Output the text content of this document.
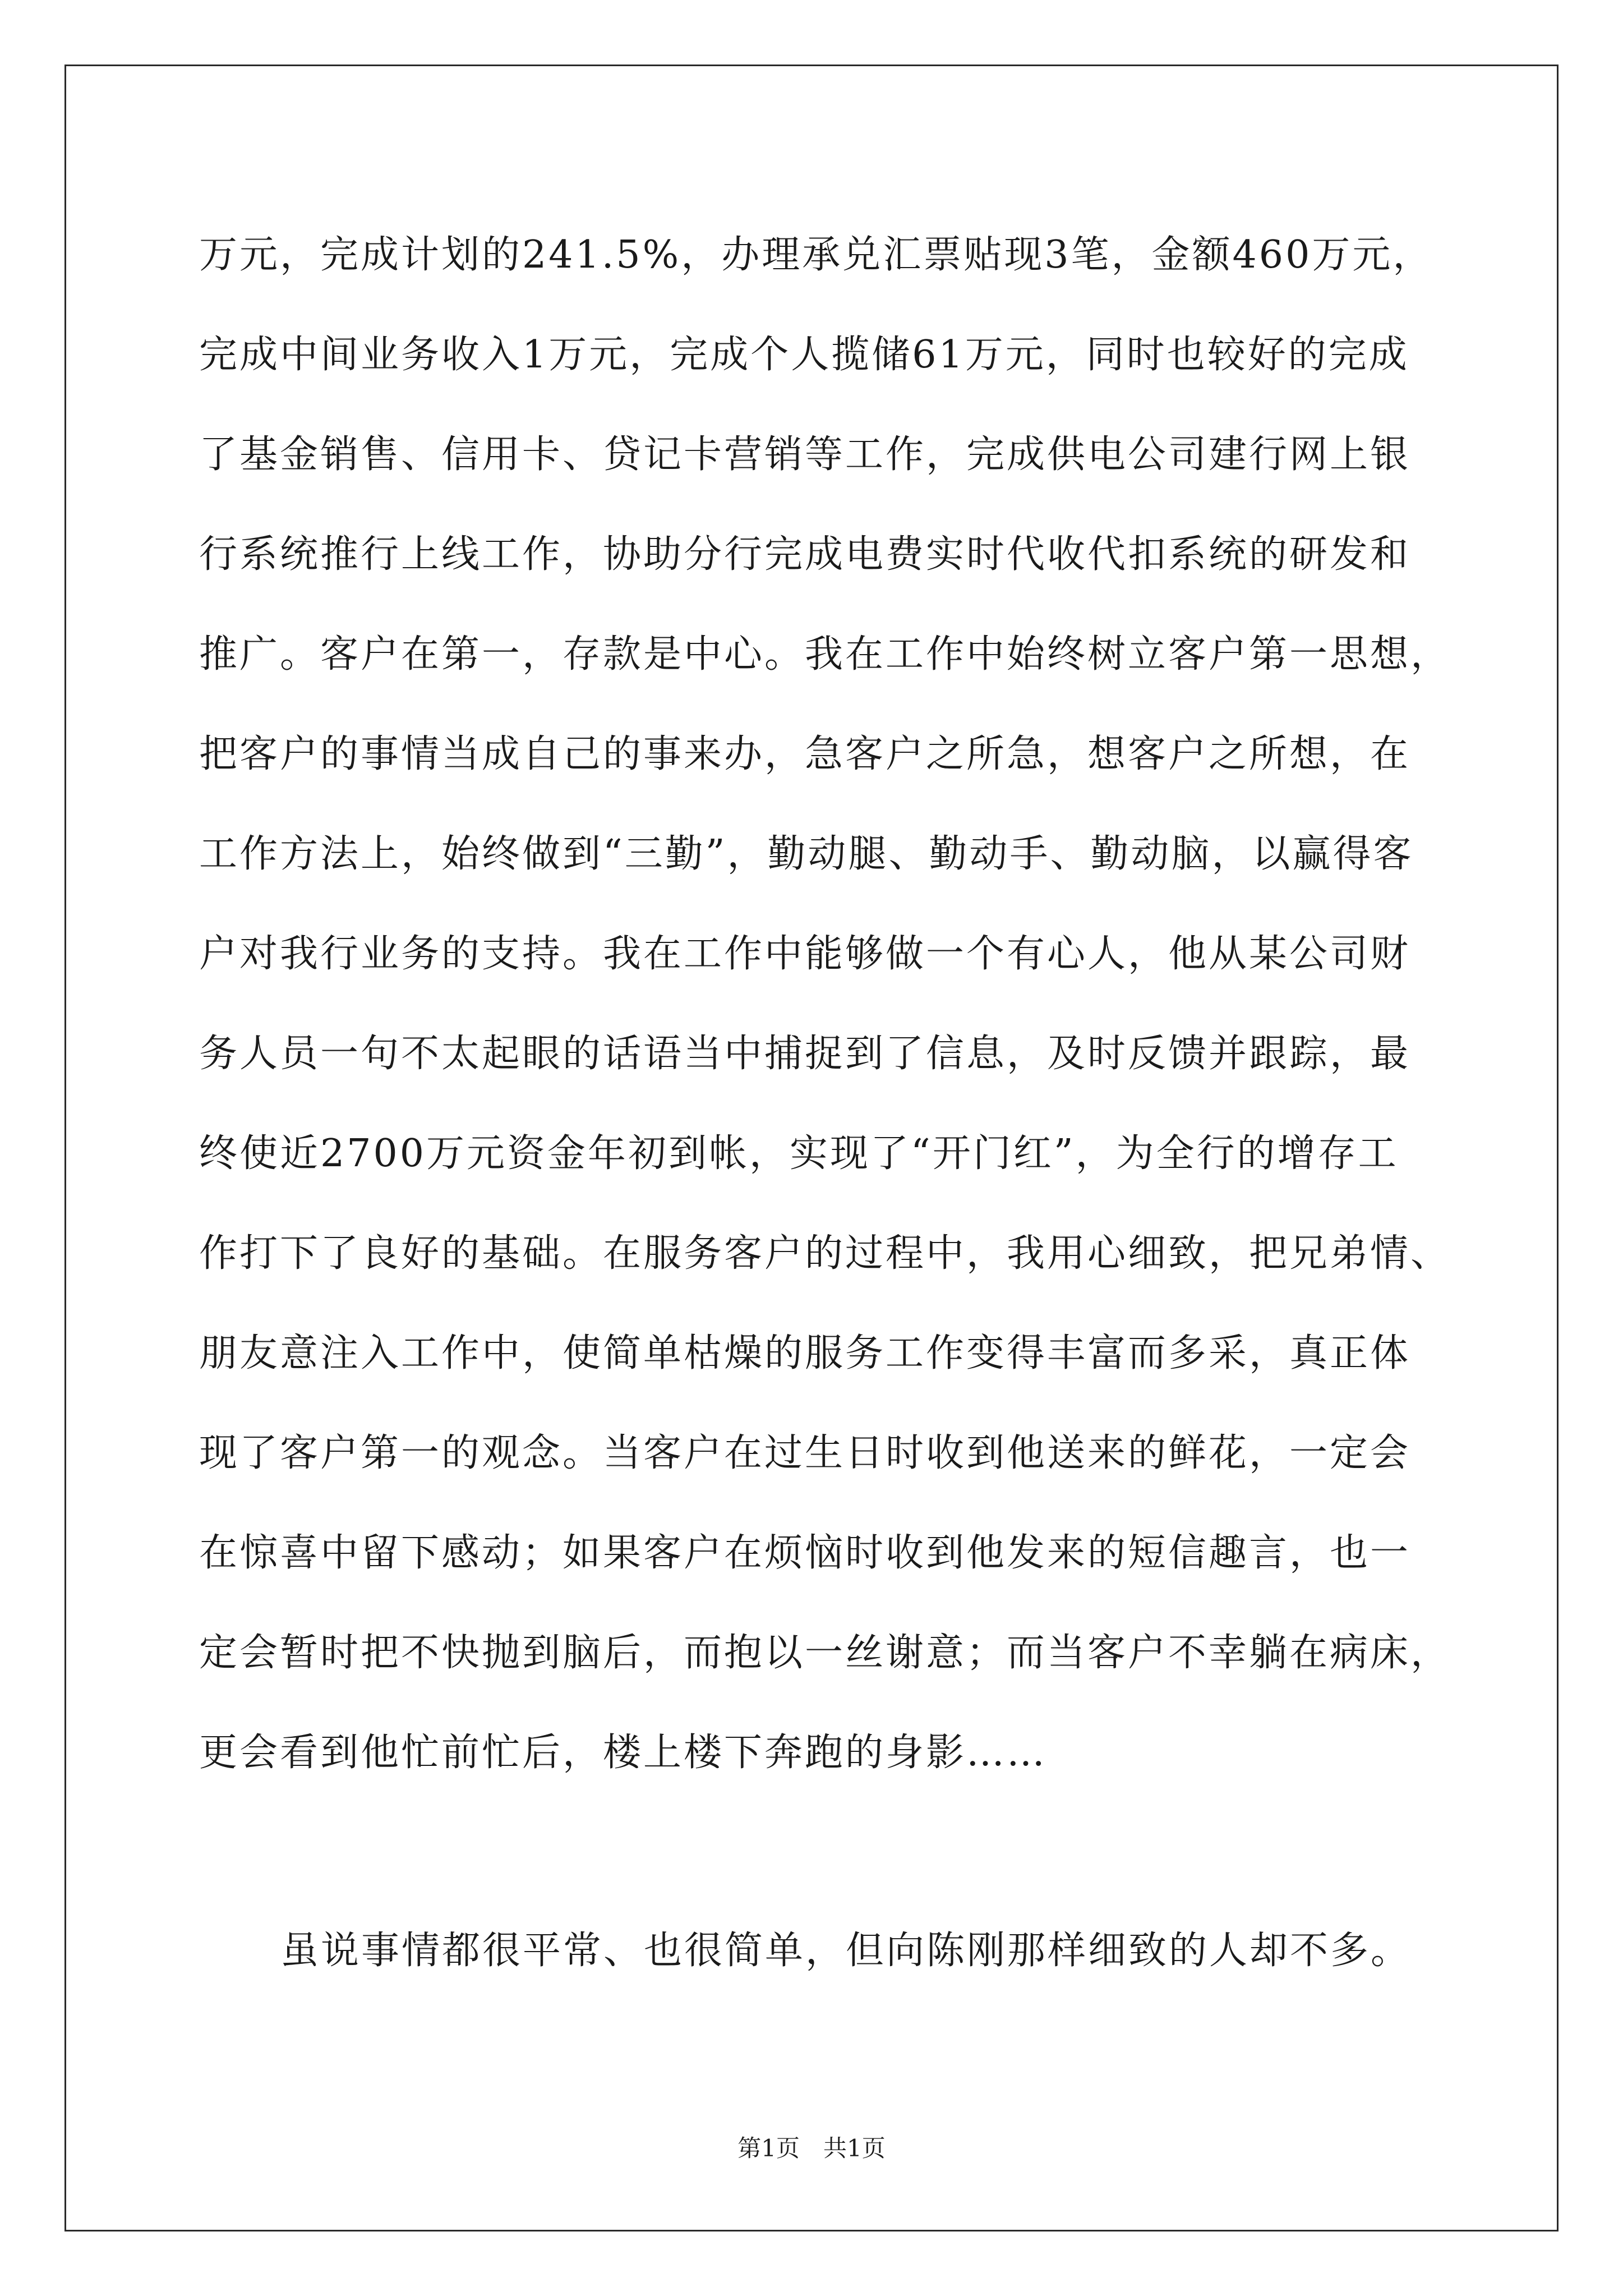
万元，完成计划的241.5%，办理承兑汇票贴现3笔，金额460万元，
完成中间业务收入1万元，完成个人揽储61万元，同时也较好的完成
了基金销售、信用卡、贷记卡营销等工作，完成供电公司建行网上银
行系统推行上线工作，协助分行完成电费实时代收代扣系统的研发和
推广。客户在第一，存款是中心。我在工作中始终树立客户第一思想，
把客户的事情当成自己的事来办，急客户之所急，想客户之所想，在
工作方法上，始终做到“三勤”，勤动腿、勤动手、勤动脑，以赢得客
户对我行业务的支持。我在工作中能够做一个有心人，他从某公司财
务人员一句不太起眼的话语当中捕捉到了信息，及时反馈并跟踪，最
终使近2700万元资金年初到帐，实现了“开门红”，为全行的增存工
作打下了良好的基础。在服务客户的过程中，我用心细致，把兄弟情、
朋友意注入工作中，使简单枯燥的服务工作变得丰富而多采，真正体
现了客户第一的观念。当客户在过生日时收到他送来的鲜花，一定会
在惊喜中留下感动；如果客户在烦恼时收到他发来的短信趣言，也一
定会暂时把不快抛到脑后，而抱以一丝谢意；而当客户不幸躺在病床，
更会看到他忙前忙后，楼上楼下奔跑的身影……
虽说事情都很平常、也很简单，但向陈刚那样细致的人却不多。
第1页　共1页
